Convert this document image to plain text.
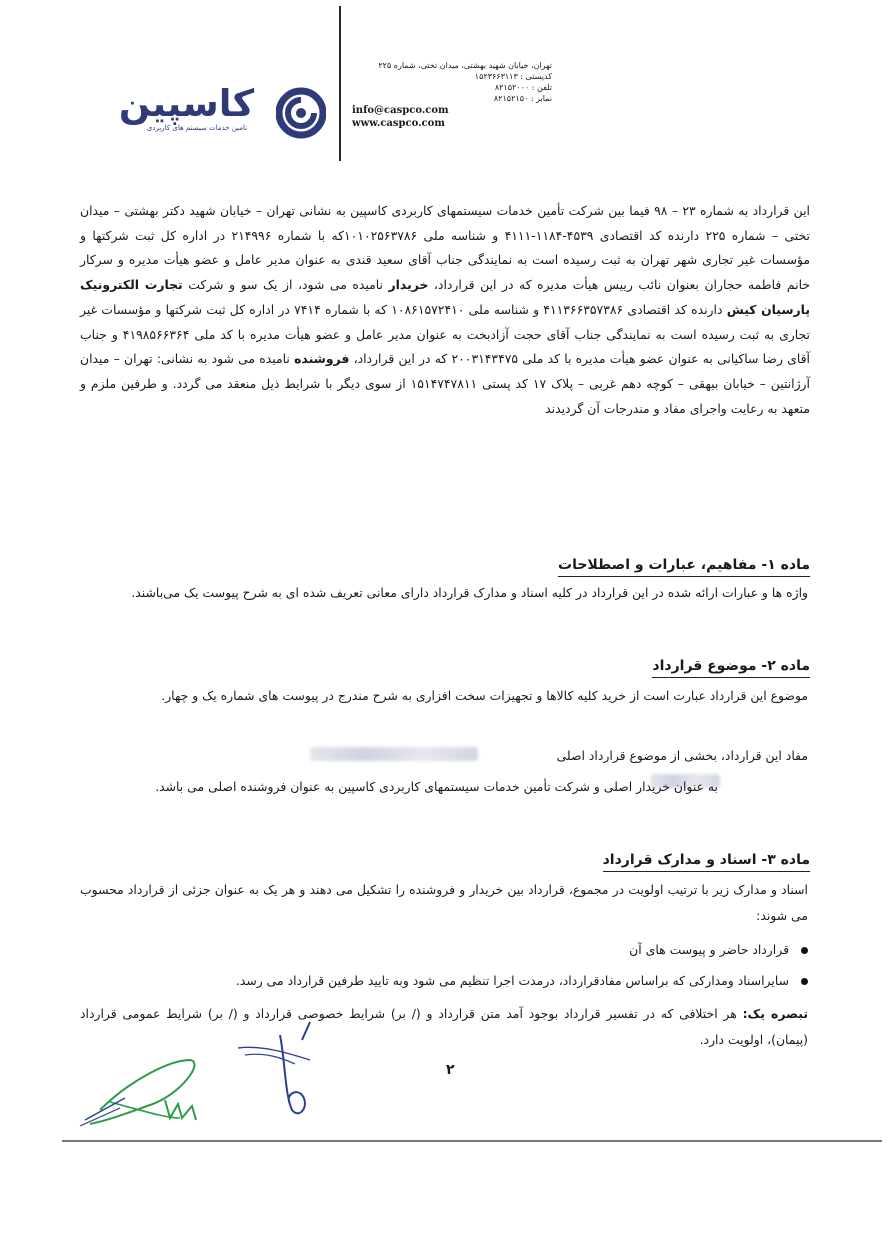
تهران، خیابان شهید بهشتی، میدان تختی، شماره ۲۲۵
کدپستی : ۱۵۲۳۶۶۳۱۱۳
تلفن : ۸۲۱۵۲۰۰۰
نمابر : ۸۲۱۵۲۱۵۰
info@caspco.com
www.caspco.com
کاسپین
تامین خدمات سیستم های کاربردی
این قرارداد به شماره ۲۳ – ۹۸ فیما بین شرکت تأمین خدمات سیستمهای کاربردی کاسپین به نشانی تهران – خیابان شهید دکتر بهشتی – میدان تختی – شماره ۲۲۵ دارنده کد اقتصادی ۴۵۳۹-۱۱۸۴-۴۱۱۱ و شناسه ملی ۱۰۱۰۲۵۶۳۷۸۶که با شماره ۲۱۴۹۹۶ در اداره کل ثبت شرکتها و مؤسسات غیر تجاری شهر تهران به ثبت رسیده است به نمایندگی جناب آقای سعید قندی به عنوان مدیر عامل و عضو هیأت مدیره و سرکار خانم فاطمه حجاران بعنوان نائب رییس هیأت مدیره که در این قرارداد، خریدار نامیده می شود، از یک سو و شرکت تجارت الکترونیک پارسیان کیش دارنده کد اقتصادی ۴۱۱۳۶۶۳۵۷۳۸۶ و شناسه ملی ۱۰۸۶۱۵۷۲۴۱۰ که با شماره ۷۴۱۴ در اداره کل ثبت شرکتها و مؤسسات غیر تجاری به ثبت رسیده است به نمایندگی جناب آقای حجت آزادبخت به عنوان مدیر عامل و عضو هیأت مدیره با کد ملی ۴۱۹۸۵۶۶۳۶۴ و جناب آقای رضا ساکیانی به عنوان عضو هیأت مدیره با کد ملی ۲۰۰۳۱۴۳۴۷۵ که در این قرارداد، فروشنده نامیده می شود به نشانی: تهران – میدان آرژانتین – خیابان بیهقی – کوچه دهم غربی – پلاک ۱۷ کد پستی ۱۵۱۴۷۴۷۸۱۱ از سوی دیگر با شرایط ذیل منعقد می گردد. و طرفین ملزم و متعهد به رعایت واجرای مفاد و مندرجات آن گردیدند
ماده ۱- مفاهیم، عبارات و اصطلاحات
واژه ها و عبارات ارائه شده در این قرارداد در کلیه اسناد و مدارک قرارداد دارای معانی تعریف شده ای به شرح پیوست یک می‌باشند.
ماده ۲- موضوع قرارداد
موضوع این قرارداد عبارت است از خرید کلیه کالاها و تجهیزات سخت افزاری به شرح مندرج در پیوست های شماره یک و چهار.
مفاد این قرارداد، بخشی از موضوع قرارداد اصلی
به عنوان خریدار اصلی و شرکت تأمین خدمات سیستمهای کاربردی کاسپین به عنوان فروشنده اصلی می باشد.
ماده ۳- اسناد و مدارک قرارداد
اسناد و مدارک زیر با ترتیب اولویت در مجموع، قرارداد بین خریدار و فروشنده را تشکیل می دهند و هر یک به عنوان جزئی از قرارداد محسوب می شوند:
قرارداد حاضر و پیوست های آن
سایراسناد ومدارکی که براساس مفادقرارداد، درمدت اجرا تنظیم می شود وبه تایید طرفین قرارداد می رسد.
تبصره یک: هر اختلافی که در تفسیر قرارداد بوجود آمد متن قرارداد و (/ بر) شرایط خصوصی قرارداد و (/ بر) شرایط عمومی قرارداد (پیمان)، اولویت دارد.
۲
